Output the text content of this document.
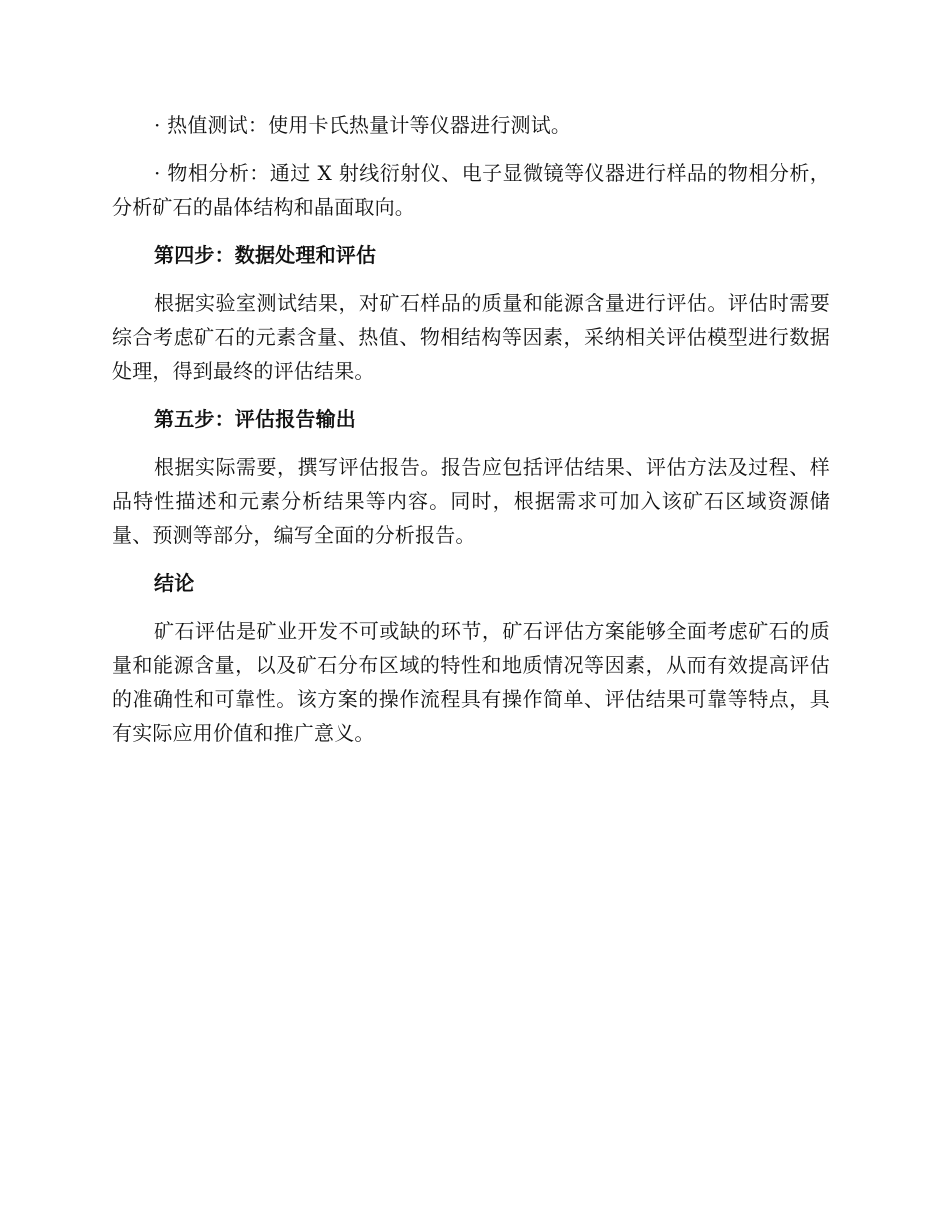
· 热值测试：使用卡氏热量计等仪器进行测试。

· 物相分析：通过 X 射线衍射仪、电子显微镜等仪器进行样品的物相分析，分析矿石的晶体结构和晶面取向。

第四步：数据处理和评估

根据实验室测试结果，对矿石样品的质量和能源含量进行评估。评估时需要综合考虑矿石的元素含量、热值、物相结构等因素，采纳相关评估模型进行数据处理，得到最终的评估结果。

第五步：评估报告输出

根据实际需要，撰写评估报告。报告应包括评估结果、评估方法及过程、样品特性描述和元素分析结果等内容。同时，根据需求可加入该矿石区域资源储量、预测等部分，编写全面的分析报告。

结论

矿石评估是矿业开发不可或缺的环节，矿石评估方案能够全面考虑矿石的质量和能源含量，以及矿石分布区域的特性和地质情况等因素，从而有效提高评估的准确性和可靠性。该方案的操作流程具有操作简单、评估结果可靠等特点，具有实际应用价值和推广意义。
